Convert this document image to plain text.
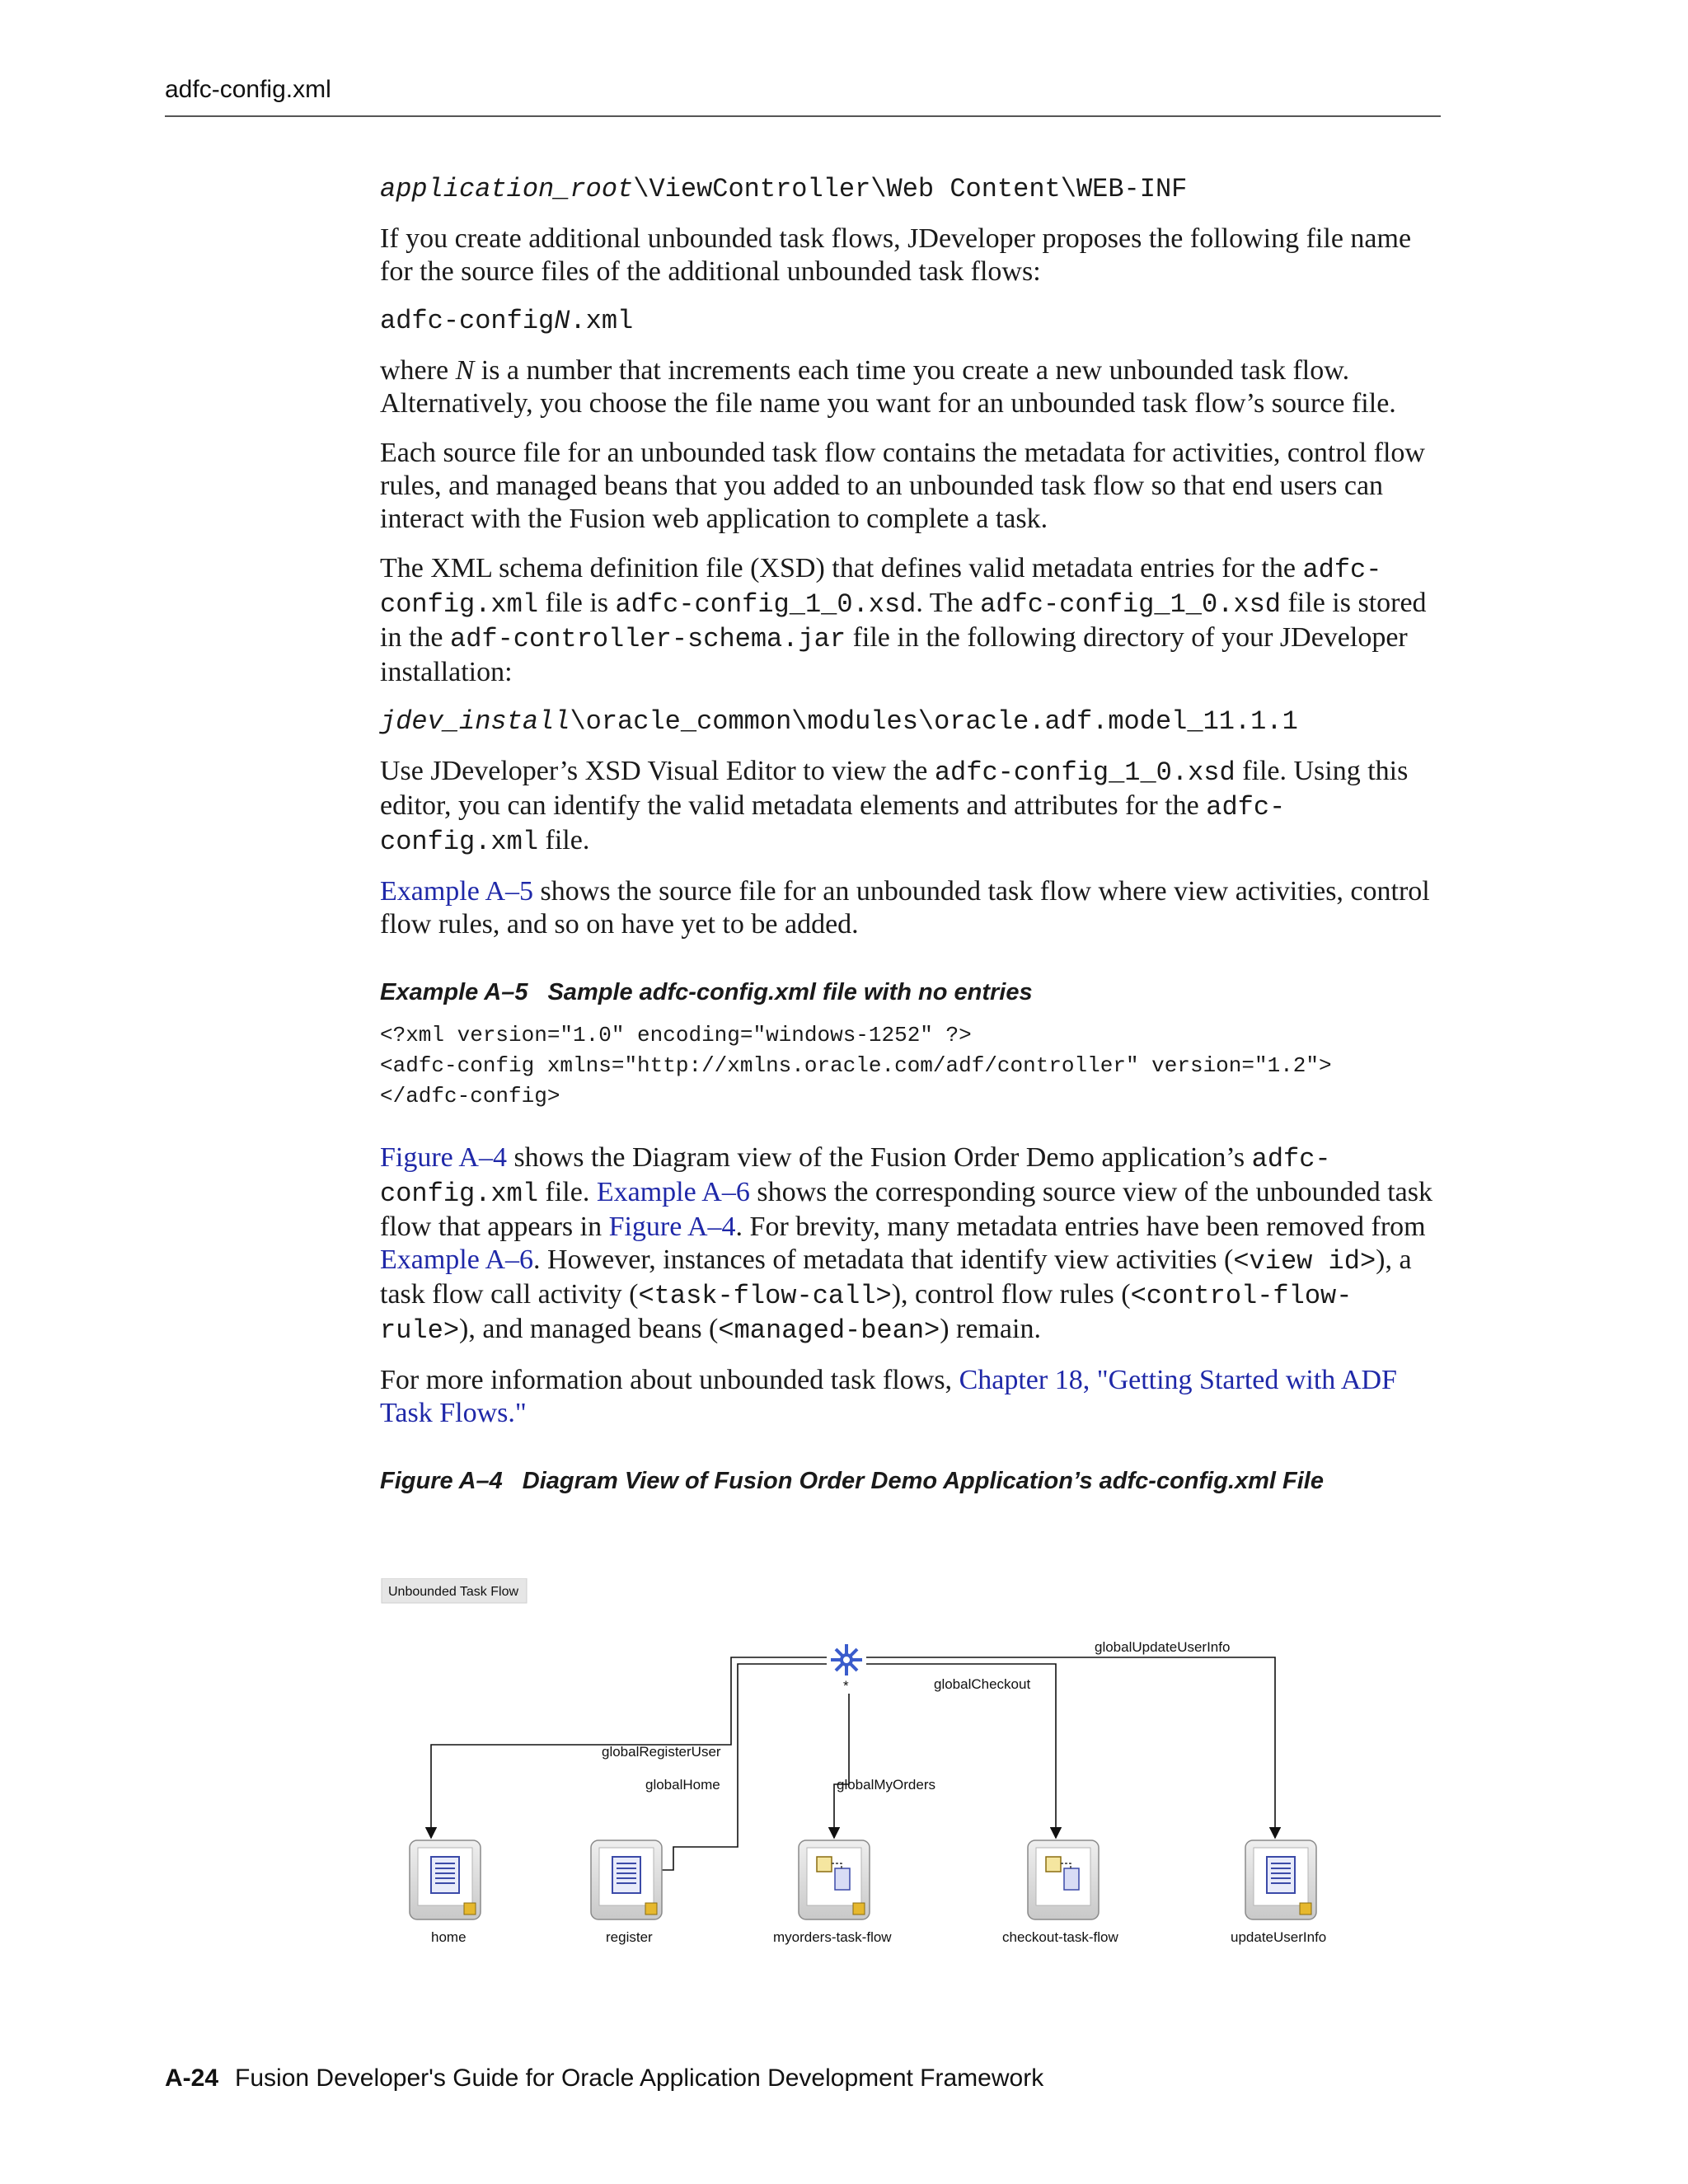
adfc-config.xml
application_root\ViewController\Web Content\WEB-INF

If you create additional unbounded task flows, JDeveloper proposes the following file name for the source files of the additional unbounded task flows:

adfc-configN.xml

where N is a number that increments each time you create a new unbounded task flow. Alternatively, you choose the file name you want for an unbounded task flow’s source file.

Each source file for an unbounded task flow contains the metadata for activities, control flow rules, and managed beans that you added to an unbounded task flow so that end users can interact with the Fusion web application to complete a task.

The XML schema definition file (XSD) that defines valid metadata entries for the adfc-config.xml file is adfc-config_1_0.xsd. The adfc-config_1_0.xsd file is stored in the adf-controller-schema.jar file in the following directory of your JDeveloper installation:

jdev_install\oracle_common\modules\oracle.adf.model_11.1.1

Use JDeveloper’s XSD Visual Editor to view the adfc-config_1_0.xsd file. Using this editor, you can identify the valid metadata elements and attributes for the adfc-config.xml file.

Example A–5 shows the source file for an unbounded task flow where view activities, control flow rules, and so on have yet to be added.

Example A–5 Sample adfc-config.xml file with no entries
<?xml version="1.0" encoding="windows-1252" ?>
<adfc-config xmlns="http://xmlns.oracle.com/adf/controller" version="1.2">
</adfc-config>

Figure A–4 shows the Diagram view of the Fusion Order Demo application’s adfc-config.xml file. Example A–6 shows the corresponding source view of the unbounded task flow that appears in Figure A–4. For brevity, many metadata entries have been removed from Example A–6. However, instances of metadata that identify view activities (<view id>), a task flow call activity (<task-flow-call>), control flow rules (<control-flow-rule>), and managed beans (<managed-bean>) remain.

For more information about unbounded task flows, Chapter 18, "Getting Started with ADF Task Flows."

Figure A–4 Diagram View of Fusion Order Demo Application’s adfc-config.xml File
Unbounded Task Flow
*
globalUpdateUserInfo
globalCheckout
globalRegisterUser
globalHome	globalMyOrders
home	register	myorders-task-flow	checkout-task-flow	updateUserInfo
A-24 Fusion Developer's Guide for Oracle Application Development Framework
